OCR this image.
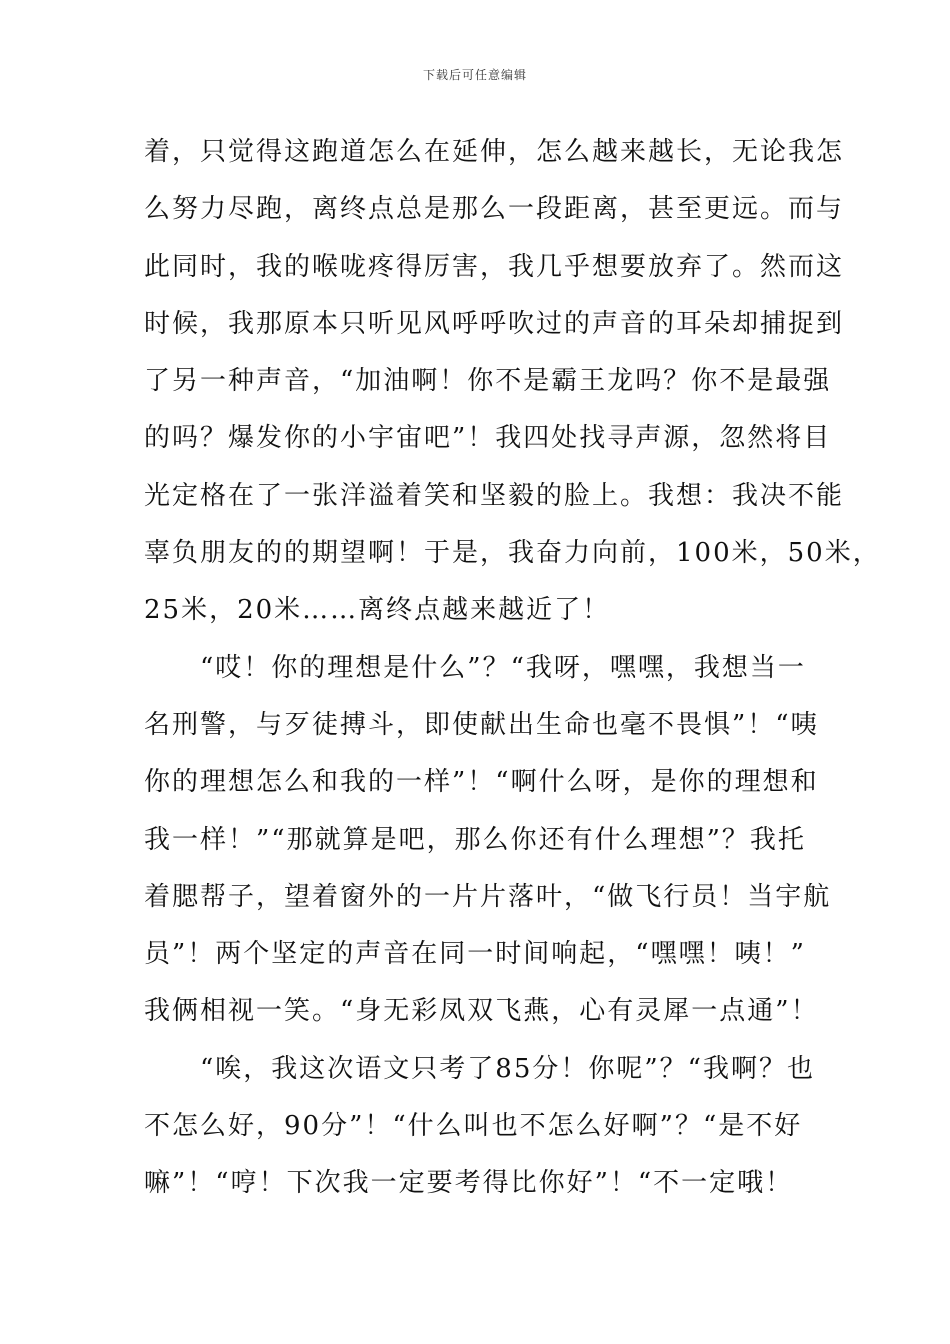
下载后可任意编辑
着，只觉得这跑道怎么在延伸，怎么越来越长，无论我怎
么努力尽跑，离终点总是那么一段距离，甚至更远。而与
此同时，我的喉咙疼得厉害，我几乎想要放弃了。然而这
时候，我那原本只听见风呼呼吹过的声音的耳朵却捕捉到
了另一种声音，“加油啊！你不是霸王龙吗？你不是最强
的吗？爆发你的小宇宙吧”！我四处找寻声源，忽然将目
光定格在了一张洋溢着笑和坚毅的脸上。我想：我决不能
辜负朋友的的期望啊！于是，我奋力向前，100米，50米，
25米，20米……离终点越来越近了！
“哎！你的理想是什么”？“我呀，嘿嘿，我想当一
名刑警，与歹徒搏斗，即使献出生命也毫不畏惧”！“咦
你的理想怎么和我的一样”！“啊什么呀，是你的理想和
我一样！”“那就算是吧，那么你还有什么理想”？我托
着腮帮子，望着窗外的一片片落叶，“做飞行员！当宇航
员”！两个坚定的声音在同一时间响起，“嘿嘿！咦！”
我俩相视一笑。“身无彩凤双飞燕，心有灵犀一点通”！
“唉，我这次语文只考了85分！你呢”？“我啊？也
不怎么好，90分”！“什么叫也不怎么好啊”？“是不好
嘛”！“哼！下次我一定要考得比你好”！“不一定哦！
